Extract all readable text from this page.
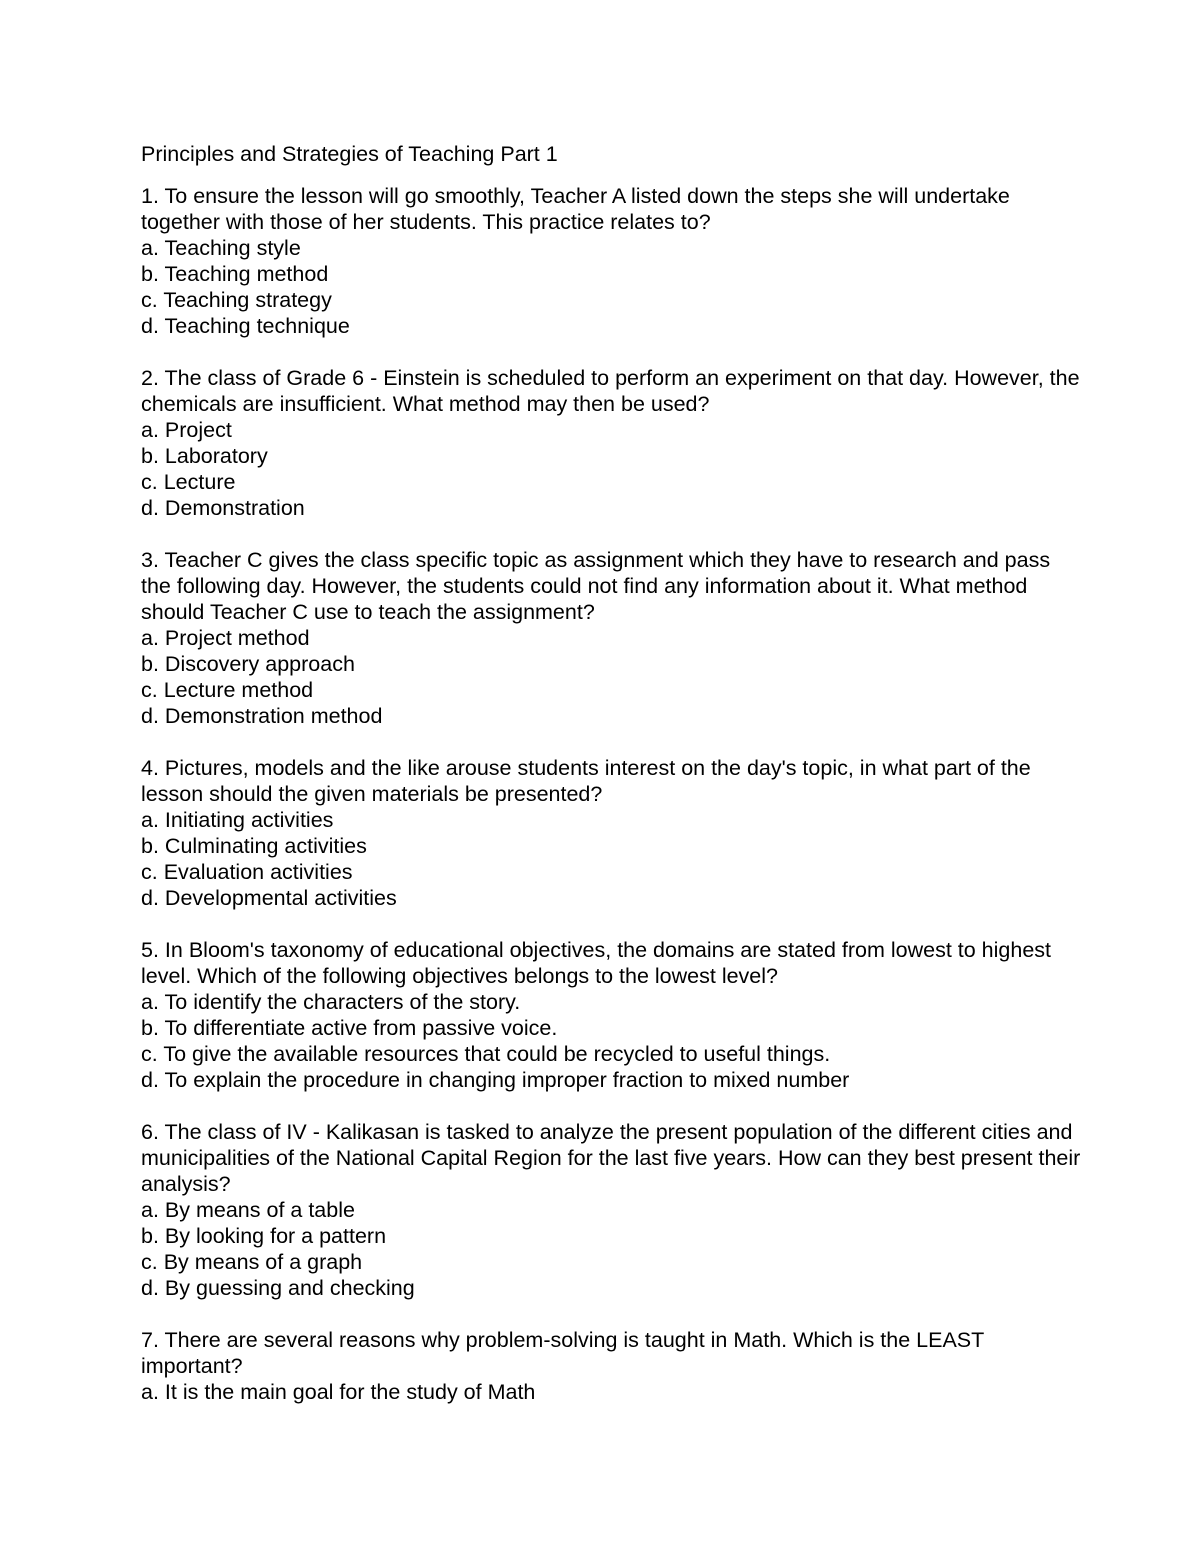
Principles and Strategies of Teaching Part 1

1. To ensure the lesson will go smoothly, Teacher A listed down the steps she will undertake together with those of her students. This practice relates to?

a. Teaching style

b. Teaching method

c. Teaching strategy

d. Teaching technique

2. The class of Grade 6 - Einstein is scheduled to perform an experiment on that day. However, the chemicals are insufficient. What method may then be used?

a. Project

b. Laboratory

c. Lecture

d. Demonstration

3. Teacher C gives the class specific topic as assignment which they have to research and pass the following day. However, the students could not find any information about it. What method should Teacher C use to teach the assignment?

a. Project method

b. Discovery approach

c. Lecture method

d. Demonstration method

4. Pictures, models and the like arouse students interest on the day's topic, in what part of the lesson should the given materials be presented?

a. Initiating activities

b. Culminating activities

c. Evaluation activities

d. Developmental activities

5. In Bloom's taxonomy of educational objectives, the domains are stated from lowest to highest level. Which of the following objectives belongs to the lowest level?

a. To identify the characters of the story.

b. To differentiate active from passive voice.

c. To give the available resources that could be recycled to useful things.

d. To explain the procedure in changing improper fraction to mixed number

6. The class of IV - Kalikasan is tasked to analyze the present population of the different cities and municipalities of the National Capital Region for the last five years. How can they best present their analysis?

a. By means of a table

b. By looking for a pattern

c. By means of a graph

d. By guessing and checking

7. There are several reasons why problem-solving is taught in Math. Which is the LEAST important?

a. It is the main goal for the study of Math
